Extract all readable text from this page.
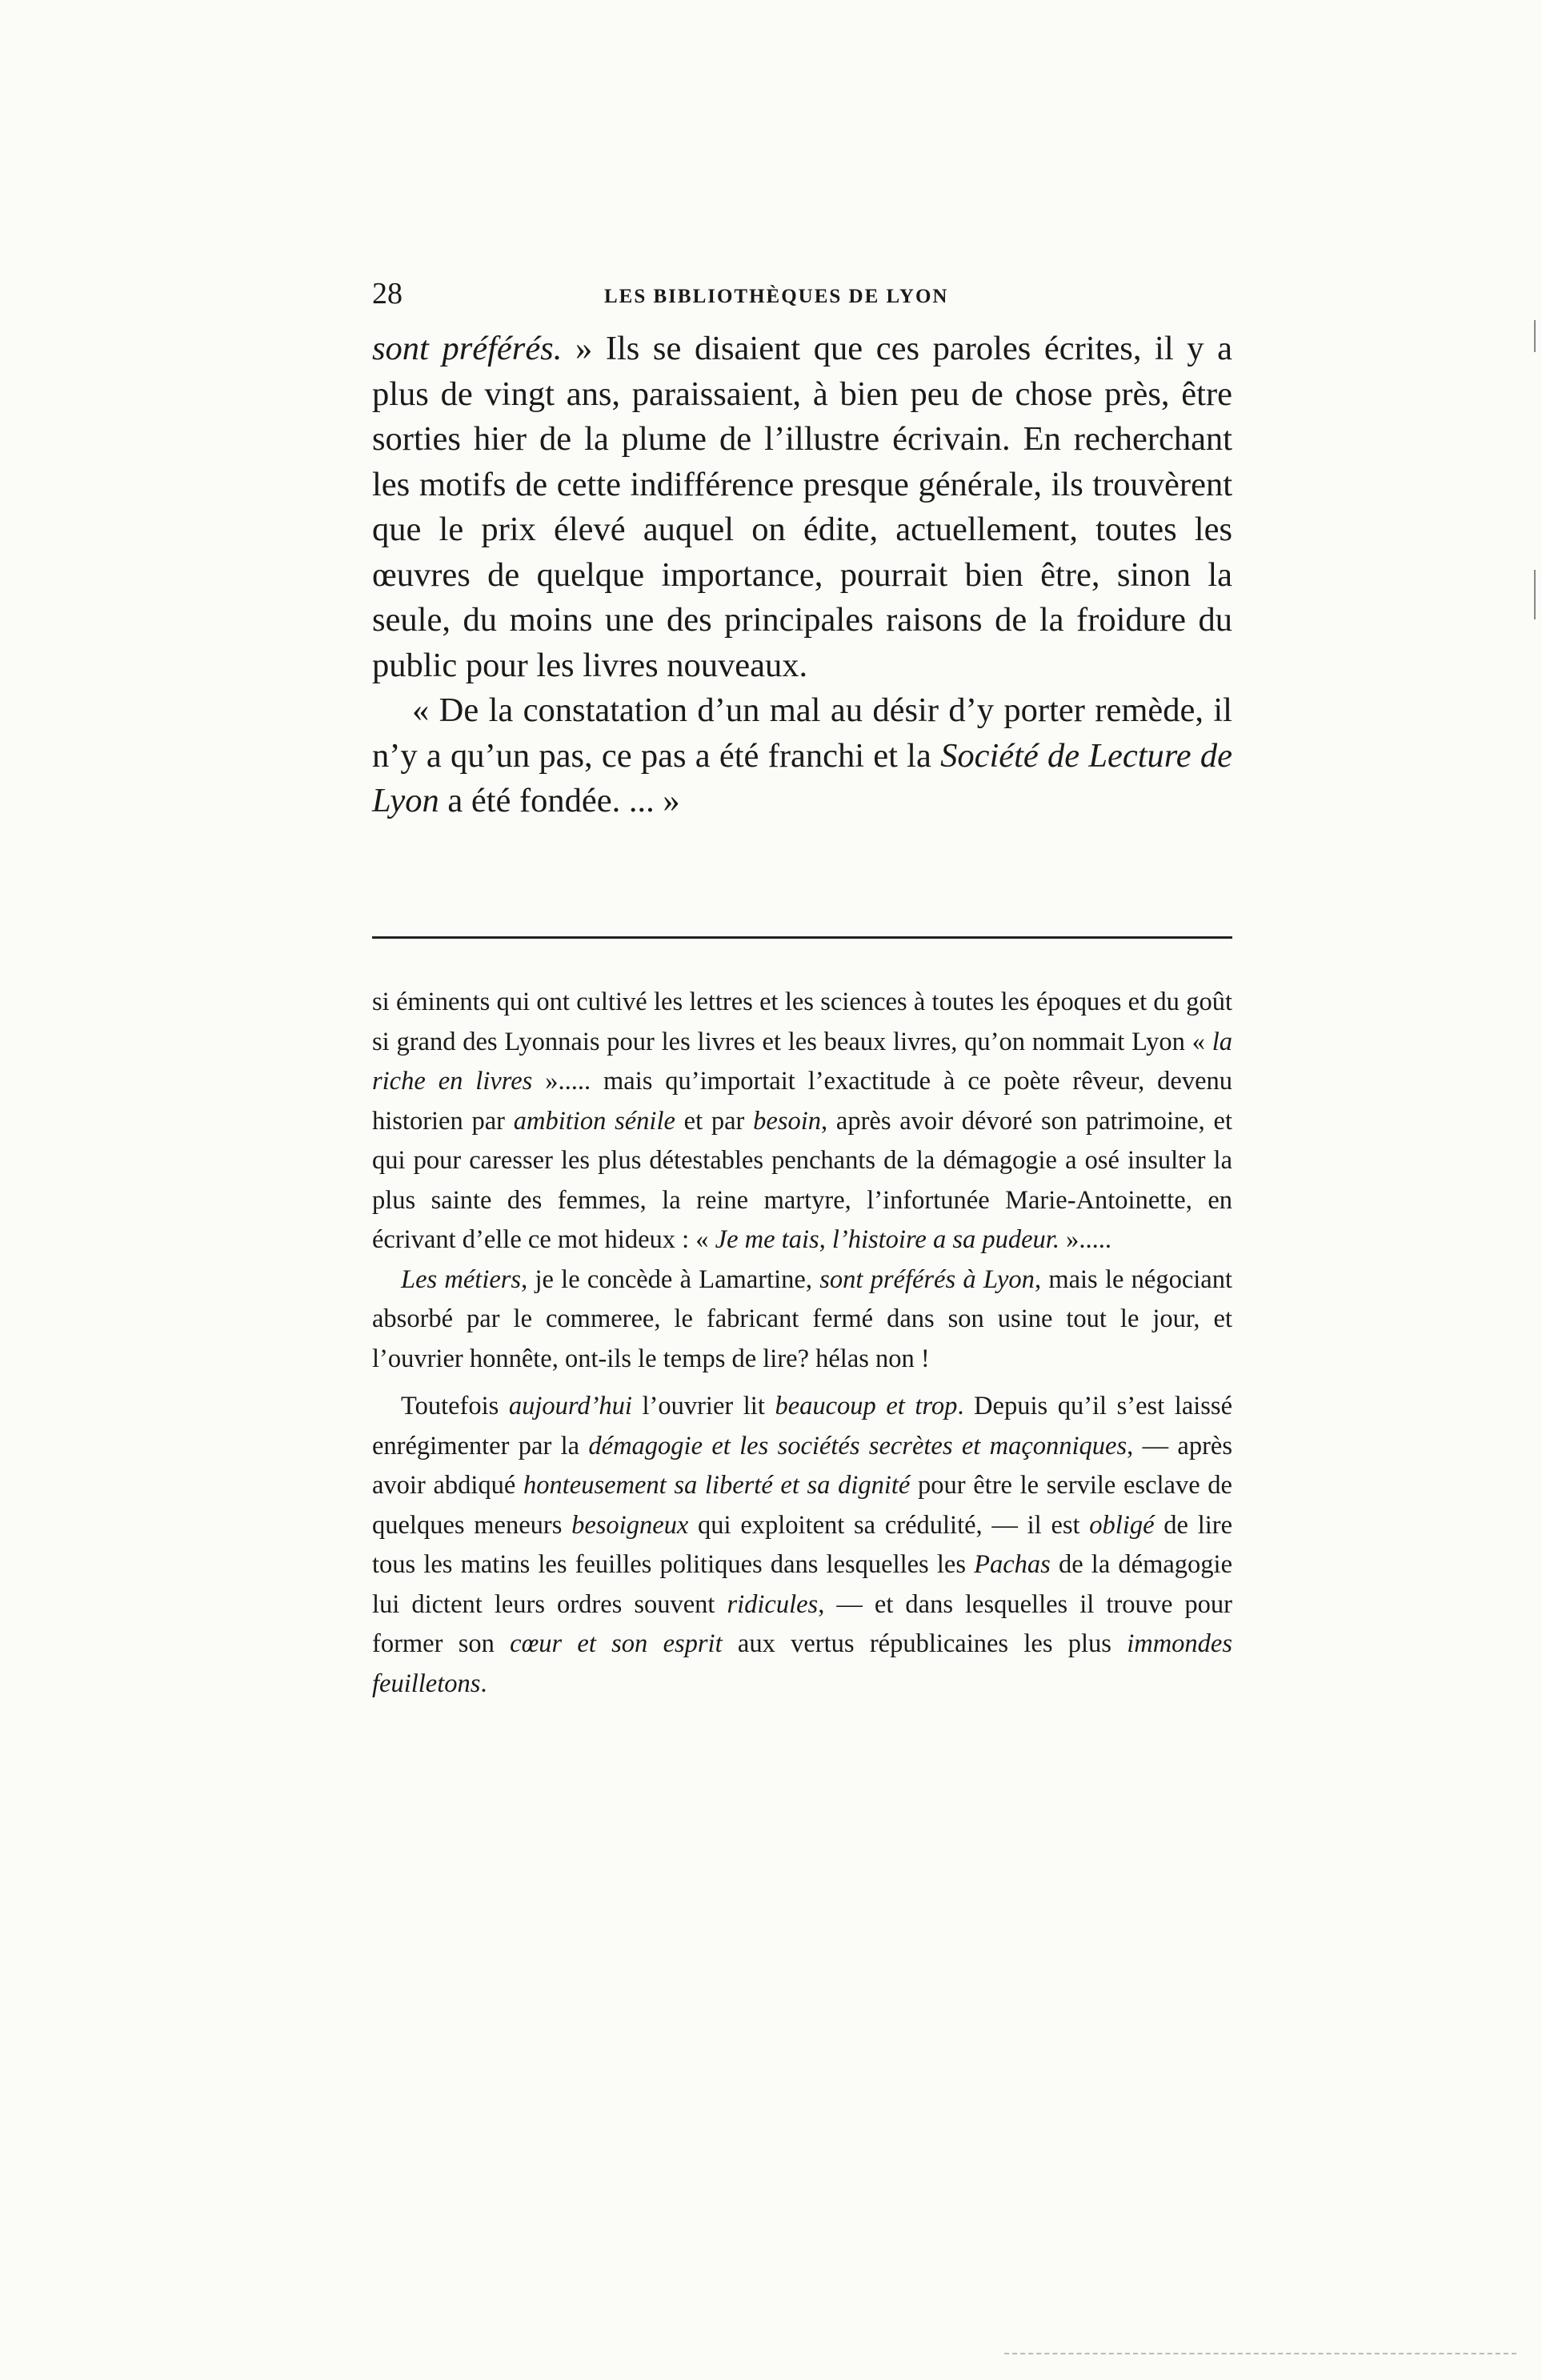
28	LES BIBLIOTHÈQUES DE LYON

sont préférés. » Ils se disaient que ces paroles écrites, il y a plus de vingt ans, paraissaient, à bien peu de chose près, être sorties hier de la plume de l’illustre écrivain. En recherchant les motifs de cette indifférence presque générale, ils trouvèrent que le prix élevé auquel on édite, actuellement, toutes les œuvres de quelque importance, pourrait bien être, sinon la seule, du moins une des principales raisons de la froidure du public pour les livres nouveaux.

« De la constatation d’un mal au désir d’y porter remède, il n’y a qu’un pas, ce pas a été franchi et la Société de Lecture de Lyon a été fondée. ... »

si éminents qui ont cultivé les lettres et les sciences à toutes les époques et du goût si grand des Lyonnais pour les livres et les beaux livres, qu’on nommait Lyon « la riche en livres »..... mais qu’importait l’exactitude à ce poète rêveur, devenu historien par ambition sénile et par besoin, après avoir dévoré son patrimoine, et qui pour caresser les plus détestables penchants de la démagogie a osé insulter la plus sainte des femmes, la reine martyre, l’infortunée Marie-Antoinette, en écrivant d’elle ce mot hideux : « Je me tais, l’histoire a sa pudeur. ».....

Les métiers, je le concède à Lamartine, sont préférés à Lyon, mais le négociant absorbé par le commeree, le fabricant fermé dans son usine tout le jour, et l’ouvrier honnête, ont-ils le temps de lire? hélas non !

Toutefois aujourd’hui l’ouvrier lit beaucoup et trop. Depuis qu’il s’est laissé enrégimenter par la démagogie et les sociétés secrètes et maçonniques, — après avoir abdiqué honteusement sa liberté et sa dignité pour être le servile esclave de quelques meneurs besoigneux qui exploitent sa crédulité, — il est obligé de lire tous les matins les feuilles politiques dans lesquelles les Pachas de la démagogie lui dictent leurs ordres souvent ridicules, — et dans lesquelles il trouve pour former son cœur et son esprit aux vertus républicaines les plus immondes feuilletons.
